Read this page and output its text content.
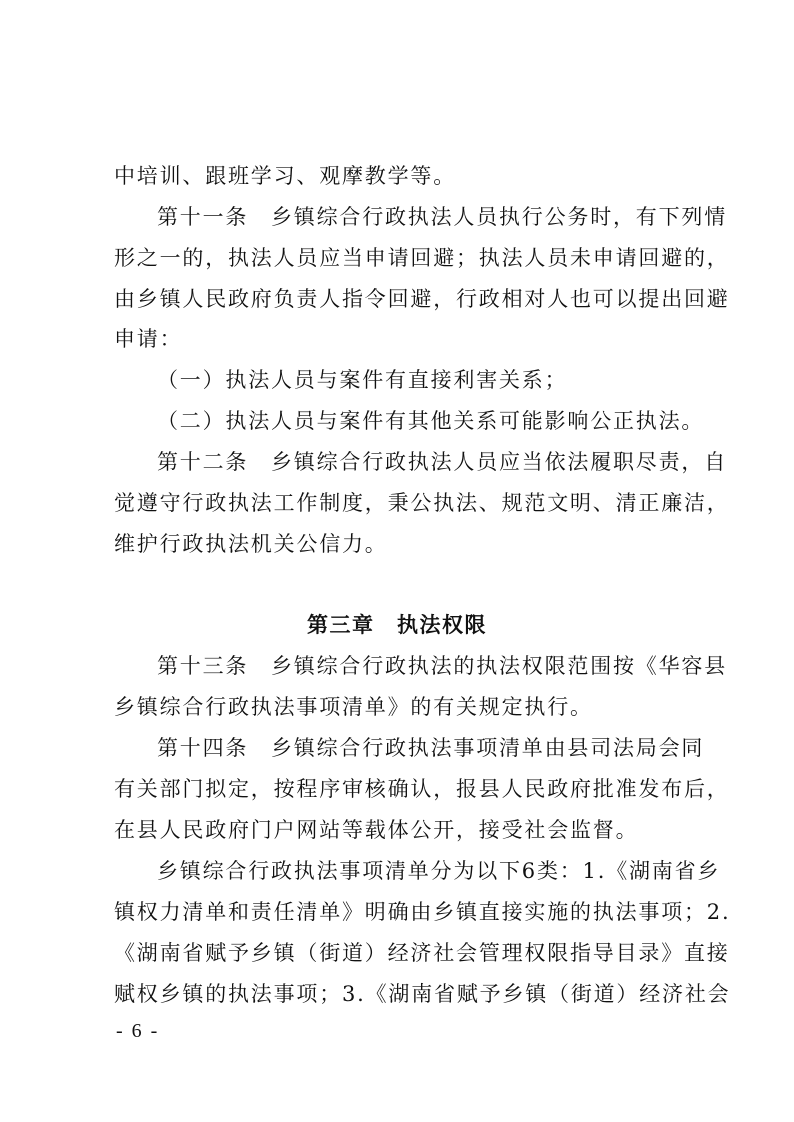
中培训、跟班学习、观摩教学等。
第十一条　乡镇综合行政执法人员执行公务时，有下列情
形之一的，执法人员应当申请回避；执法人员未申请回避的，
由乡镇人民政府负责人指令回避，行政相对人也可以提出回避
申请：
（一）执法人员与案件有直接利害关系；
（二）执法人员与案件有其他关系可能影响公正执法。
第十二条　乡镇综合行政执法人员应当依法履职尽责，自
觉遵守行政执法工作制度，秉公执法、规范文明、清正廉洁，
维护行政执法机关公信力。
第三章　执法权限
第十三条　乡镇综合行政执法的执法权限范围按《华容县
乡镇综合行政执法事项清单》的有关规定执行。
第十四条　乡镇综合行政执法事项清单由县司法局会同
有关部门拟定，按程序审核确认，报县人民政府批准发布后，
在县人民政府门户网站等载体公开，接受社会监督。
乡镇综合行政执法事项清单分为以下6类：1.《湖南省乡
镇权力清单和责任清单》明确由乡镇直接实施的执法事项；2.
《湖南省赋予乡镇（街道）经济社会管理权限指导目录》直接
赋权乡镇的执法事项；3.《湖南省赋予乡镇（街道）经济社会
- 6 -
